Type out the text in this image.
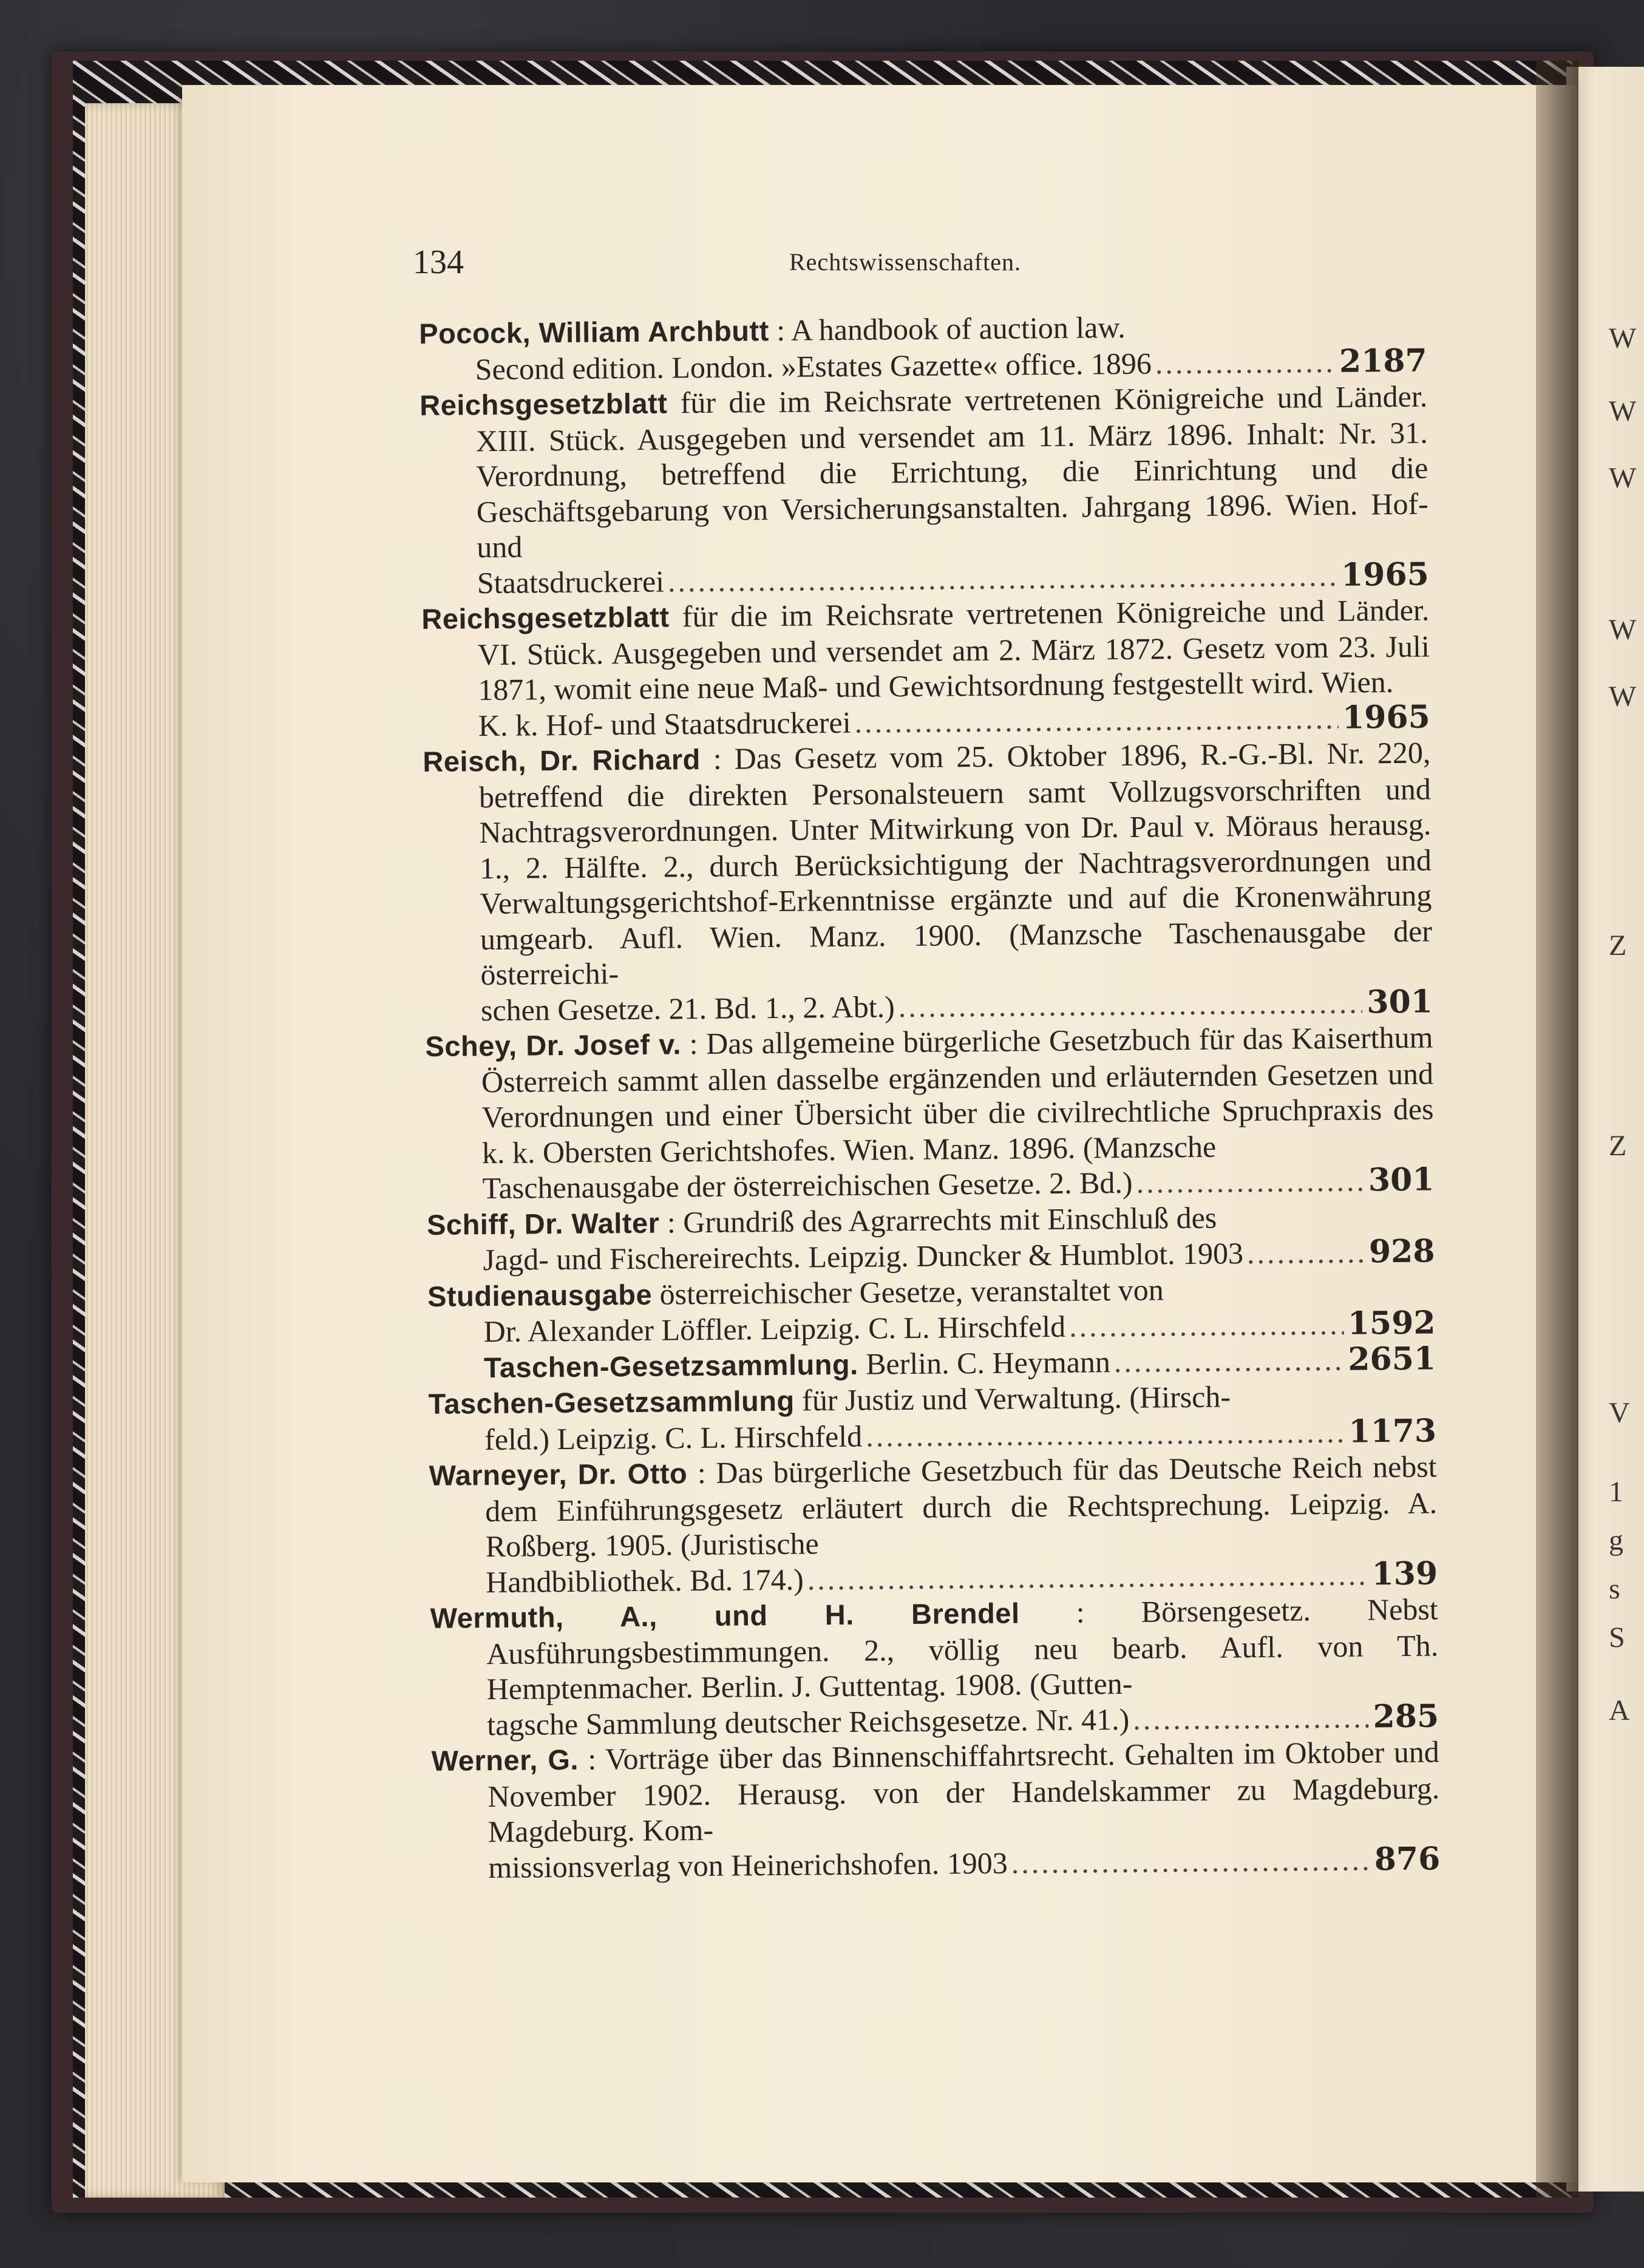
W
W
W
W
W
Z
Z
V
1
g
s
S
A
134	Rechtswissenschaften.
Pocock, William Archbutt : A handbook of auction law.
Second edition. London. »Estates Gazette« office. 1896 .....	2187
Reichsgesetzblatt für die im Reichsrate vertretenen Königreiche und Länder. XIII. Stück. Ausgegeben und versendet am 11. März 1896. Inhalt: Nr. 31. Verordnung, betreffend die Errichtung, die Einrichtung und die Geschäftsgebarung von Versicherungsanstalten. Jahrgang 1896. Wien. Hof- und
Staatsdruckerei .....	1965
Reichsgesetzblatt für die im Reichsrate vertretenen Königreiche und Länder. VI. Stück. Ausgegeben und versendet am 2. März 1872. Gesetz vom 23. Juli 1871, womit eine neue Maß- und Gewichtsordnung festgestellt wird. Wien.
K. k. Hof- und Staatsdruckerei .....	1965
Reisch, Dr. Richard : Das Gesetz vom 25. Oktober 1896, R.-G.-Bl. Nr. 220, betreffend die direkten Personalsteuern samt Vollzugsvorschriften und Nachtragsverordnungen. Unter Mitwirkung von Dr. Paul v. Möraus herausg. 1., 2. Hälfte. 2., durch Berücksichtigung der Nachtragsverordnungen und Verwaltungsgerichtshof-Erkenntnisse ergänzte und auf die Kronenwährung umgearb. Aufl. Wien. Manz. 1900. (Manzsche Taschenausgabe der österreichi-
schen Gesetze. 21. Bd. 1., 2. Abt.) .....	301
Schey, Dr. Josef v. : Das allgemeine bürgerliche Gesetzbuch für das Kaiserthum Österreich sammt allen dasselbe ergänzenden und erläuternden Gesetzen und Verordnungen und einer Übersicht über die civilrechtliche Spruchpraxis des k. k. Obersten Gerichtshofes. Wien. Manz. 1896. (Manzsche
Taschenausgabe der österreichischen Gesetze. 2. Bd.) .....	301
Schiff, Dr. Walter : Grundriß des Agrarrechts mit Einschluß des
Jagd- und Fischereirechts. Leipzig. Duncker & Humblot. 1903 .....	928
Studienausgabe österreichischer Gesetze, veranstaltet von
Dr. Alexander Löffler. Leipzig. C. L. Hirschfeld .....	1592
Taschen-Gesetzsammlung.
Berlin. C. Heymann .....	2651
Taschen-Gesetzsammlung für Justiz und Verwaltung. (Hirsch-
feld.) Leipzig. C. L. Hirschfeld .....	1173
Warneyer, Dr. Otto : Das bürgerliche Gesetzbuch für das Deutsche Reich nebst dem Einführungsgesetz erläutert durch die Rechtsprechung. Leipzig. A. Roßberg. 1905. (Juristische
Handbibliothek. Bd. 174.) .....	139
Wermuth, A., und H. Brendel : Börsengesetz. Nebst Ausführungsbestimmungen. 2., völlig neu bearb. Aufl. von Th. Hemptenmacher. Berlin. J. Guttentag. 1908. (Gutten-
tagsche Sammlung deutscher Reichsgesetze. Nr. 41.) .....	285
Werner, G. : Vorträge über das Binnenschiffahrtsrecht. Gehalten im Oktober und November 1902. Herausg. von der Handelskammer zu Magdeburg. Magdeburg. Kom-
missionsverlag von Heinerichshofen. 1903 .....	876
